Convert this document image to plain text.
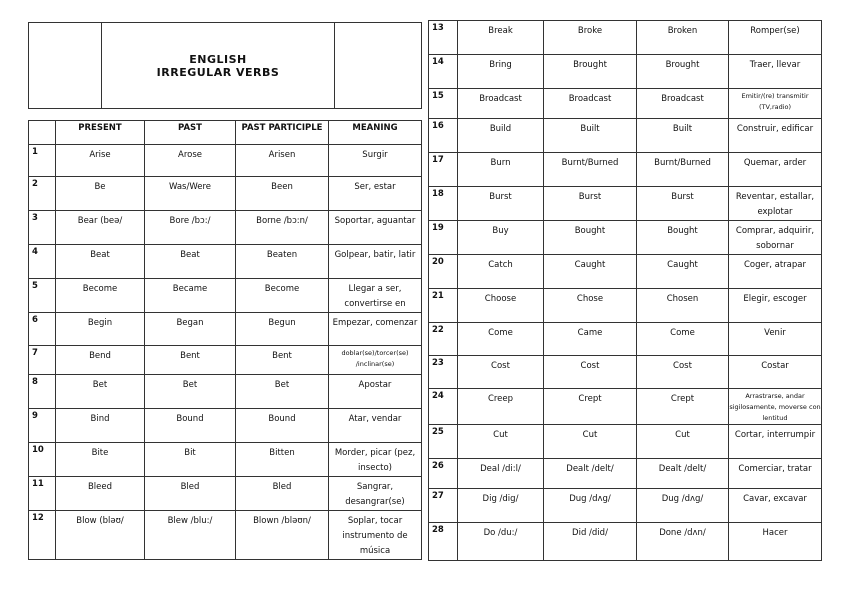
	ENGLISH
IRREGULAR VERBS	
	PRESENT	PAST	PAST PARTICIPLE	MEANING
1	Arise	Arose	Arisen	Surgir
2	Be	Was/Were	Been	Ser, estar
3	Bear (beə/	Bore /bɔ:/	Borne /bɔ:n/	Soportar, aguantar
4	Beat	Beat	Beaten	Golpear, batir, latir
5	Become	Became	Become	Llegar a ser, convertirse en
6	Begin	Began	Begun	Empezar, comenzar
7	Bend	Bent	Bent	doblar(se)/torcer(se) /inclinar(se)
8	Bet	Bet	Bet	Apostar
9	Bind	Bound	Bound	Atar, vendar
10	Bite	Bit	Bitten	Morder, picar (pez, insecto)
11	Bleed	Bled	Bled	Sangrar, desangrar(se)
12	Blow (bləʊ/	Blew /blu:/	Blown /bləʊn/	Soplar, tocar instrumento de música
13	Break	Broke	Broken	Romper(se)
14	Bring	Brought	Brought	Traer, llevar
15	Broadcast	Broadcast	Broadcast	Emitir/(re) transmitir (TV,radio)
16	Build	Built	Built	Construir, edificar
17	Burn	Burnt/Burned	Burnt/Burned	Quemar, arder
18	Burst	Burst	Burst	Reventar, estallar, explotar
19	Buy	Bought	Bought	Comprar, adquirir, sobornar
20	Catch	Caught	Caught	Coger, atrapar
21	Choose	Chose	Chosen	Elegir, escoger
22	Come	Came	Come	Venir
23	Cost	Cost	Cost	Costar
24	Creep	Crept	Crept	Arrastrarse, andar sigilosamente, moverse con lentitud
25	Cut	Cut	Cut	Cortar, interrumpir
26	Deal /di:l/	Dealt /delt/	Dealt /delt/	Comerciar, tratar
27	Dig /dig/	Dug /dʌg/	Dug /dʌg/	Cavar, excavar
28	Do /du:/	Did /did/	Done /dʌn/	Hacer
